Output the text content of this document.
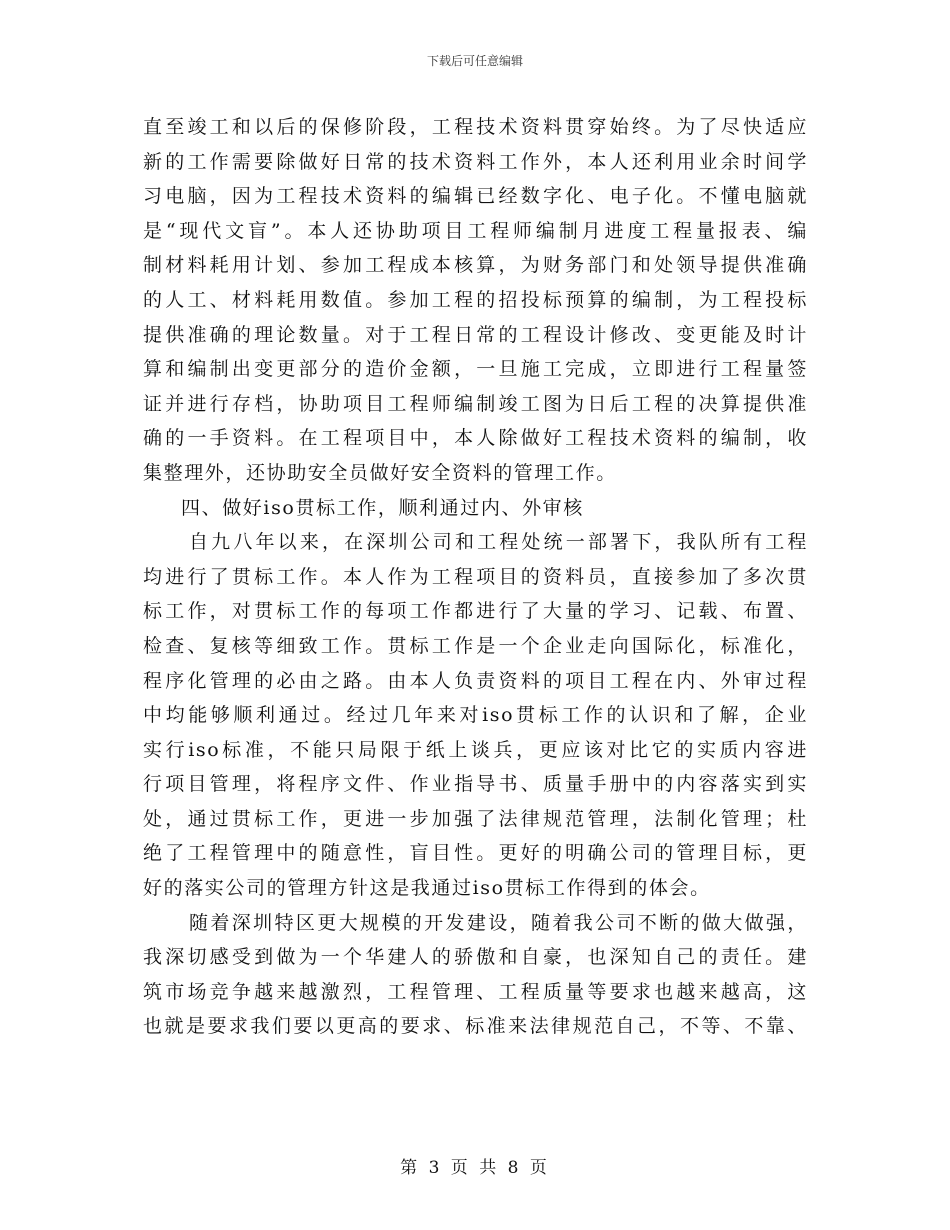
下载后可任意编辑
直至竣工和以后的保修阶段，工程技术资料贯穿始终。为了尽快适应
新的工作需要除做好日常的技术资料工作外，本人还利用业余时间学
习电脑，因为工程技术资料的编辑已经数字化、电子化。不懂电脑就
是“现代文盲”。本人还协助项目工程师编制月进度工程量报表、编
制材料耗用计划、参加工程成本核算，为财务部门和处领导提供准确
的人工、材料耗用数值。参加工程的招投标预算的编制，为工程投标
提供准确的理论数量。对于工程日常的工程设计修改、变更能及时计
算和编制出变更部分的造价金额，一旦施工完成，立即进行工程量签
证并进行存档，协助项目工程师编制竣工图为日后工程的决算提供准
确的一手资料。在工程项目中，本人除做好工程技术资料的编制，收
集整理外，还协助安全员做好安全资料的管理工作。
四、做好iso贯标工作，顺利通过内、外审核
自九八年以来，在深圳公司和工程处统一部署下，我队所有工程
均进行了贯标工作。本人作为工程项目的资料员，直接参加了多次贯
标工作，对贯标工作的每项工作都进行了大量的学习、记载、布置、
检查、复核等细致工作。贯标工作是一个企业走向国际化，标准化，
程序化管理的必由之路。由本人负责资料的项目工程在内、外审过程
中均能够顺利通过。经过几年来对iso贯标工作的认识和了解，企业
实行iso标准，不能只局限于纸上谈兵，更应该对比它的实质内容进
行项目管理，将程序文件、作业指导书、质量手册中的内容落实到实
处，通过贯标工作，更进一步加强了法律规范管理，法制化管理；杜
绝了工程管理中的随意性，盲目性。更好的明确公司的管理目标，更
好的落实公司的管理方针这是我通过iso贯标工作得到的体会。
随着深圳特区更大规模的开发建设，随着我公司不断的做大做强，
我深切感受到做为一个华建人的骄傲和自豪，也深知自己的责任。建
筑市场竞争越来越激烈，工程管理、工程质量等要求也越来越高，这
也就是要求我们要以更高的要求、标准来法律规范自己，不等、不靠、
第 3 页 共 8 页
